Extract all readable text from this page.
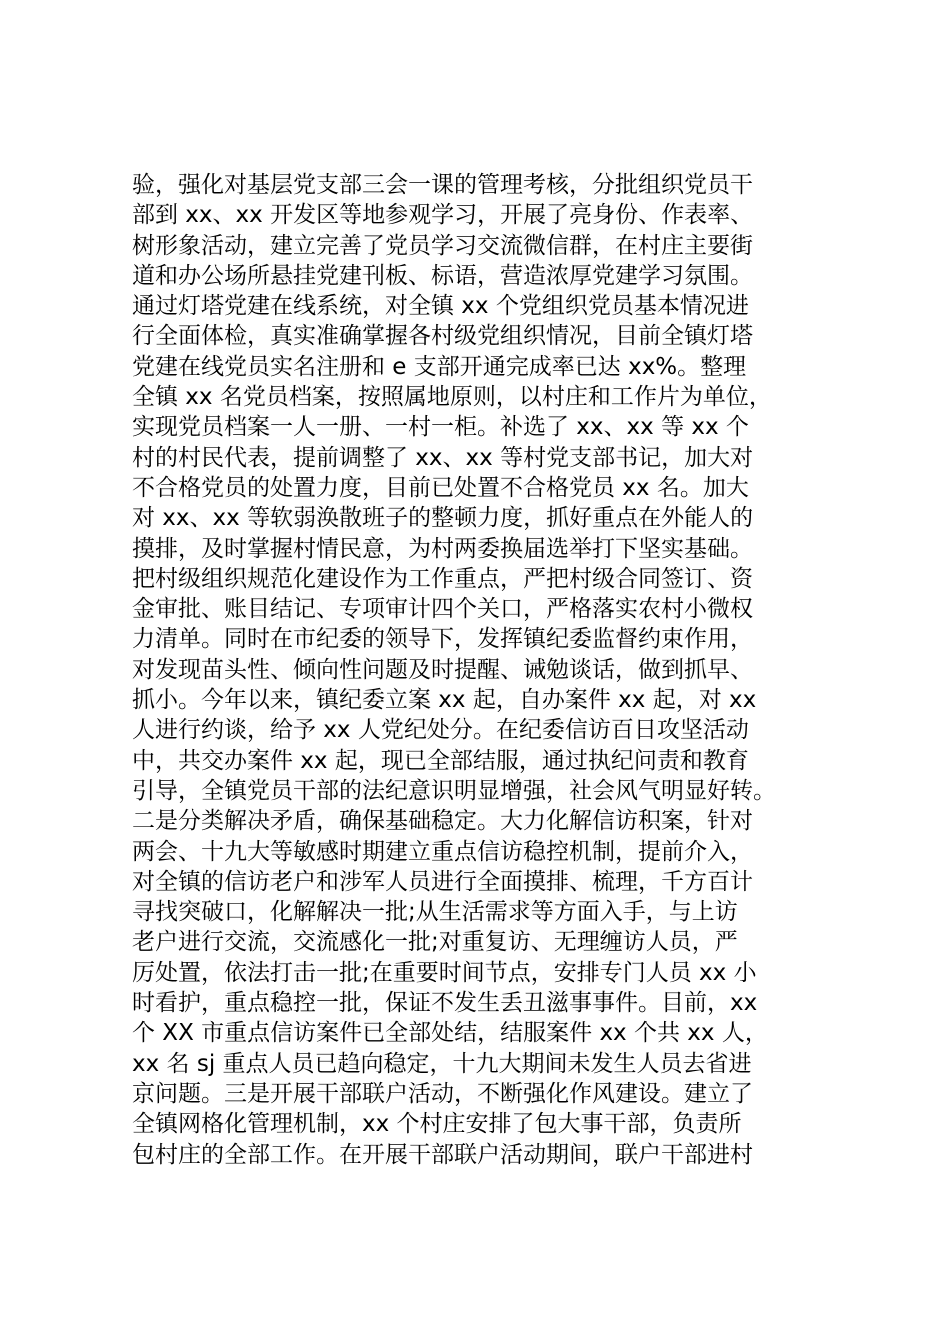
验，强化对基层党支部三会一课的管理考核，分批组织党员干
部到 xx、xx 开发区等地参观学习，开展了亮身份、作表率、
树形象活动，建立完善了党员学习交流微信群，在村庄主要街
道和办公场所悬挂党建刊板、标语，营造浓厚党建学习氛围。
通过灯塔党建在线系统，对全镇 xx 个党组织党员基本情况进
行全面体检，真实准确掌握各村级党组织情况，目前全镇灯塔
党建在线党员实名注册和 e 支部开通完成率已达 xx%。整理
全镇 xx 名党员档案，按照属地原则，以村庄和工作片为单位，
实现党员档案一人一册、一村一柜。补选了 xx、xx 等 xx 个
村的村民代表，提前调整了 xx、xx 等村党支部书记，加大对
不合格党员的处置力度，目前已处置不合格党员 xx 名。加大
对 xx、xx 等软弱涣散班子的整顿力度，抓好重点在外能人的
摸排，及时掌握村情民意，为村两委换届选举打下坚实基础。
把村级组织规范化建设作为工作重点，严把村级合同签订、资
金审批、账目结记、专项审计四个关口，严格落实农村小微权
力清单。同时在市纪委的领导下，发挥镇纪委监督约束作用，
对发现苗头性、倾向性问题及时提醒、诫勉谈话，做到抓早、
抓小。今年以来，镇纪委立案 xx 起，自办案件 xx 起，对 xx
人进行约谈，给予 xx 人党纪处分。在纪委信访百日攻坚活动
中，共交办案件 xx 起，现已全部结服，通过执纪问责和教育
引导，全镇党员干部的法纪意识明显增强，社会风气明显好转。
二是分类解决矛盾，确保基础稳定。大力化解信访积案，针对
两会、十九大等敏感时期建立重点信访稳控机制，提前介入，
对全镇的信访老户和涉军人员进行全面摸排、梳理，千方百计
寻找突破口，化解解决一批;从生活需求等方面入手，与上访
老户进行交流，交流感化一批;对重复访、无理缠访人员，严
厉处置，依法打击一批;在重要时间节点，安排专门人员 xx 小
时看护，重点稳控一批，保证不发生丢丑滋事事件。目前，xx
个 XX 市重点信访案件已全部处结，结服案件 xx 个共 xx 人，
xx 名 sj 重点人员已趋向稳定，十九大期间未发生人员去省进
京问题。三是开展干部联户活动，不断强化作风建设。建立了
全镇网格化管理机制，xx 个村庄安排了包大事干部，负责所
包村庄的全部工作。在开展干部联户活动期间，联户干部进村
